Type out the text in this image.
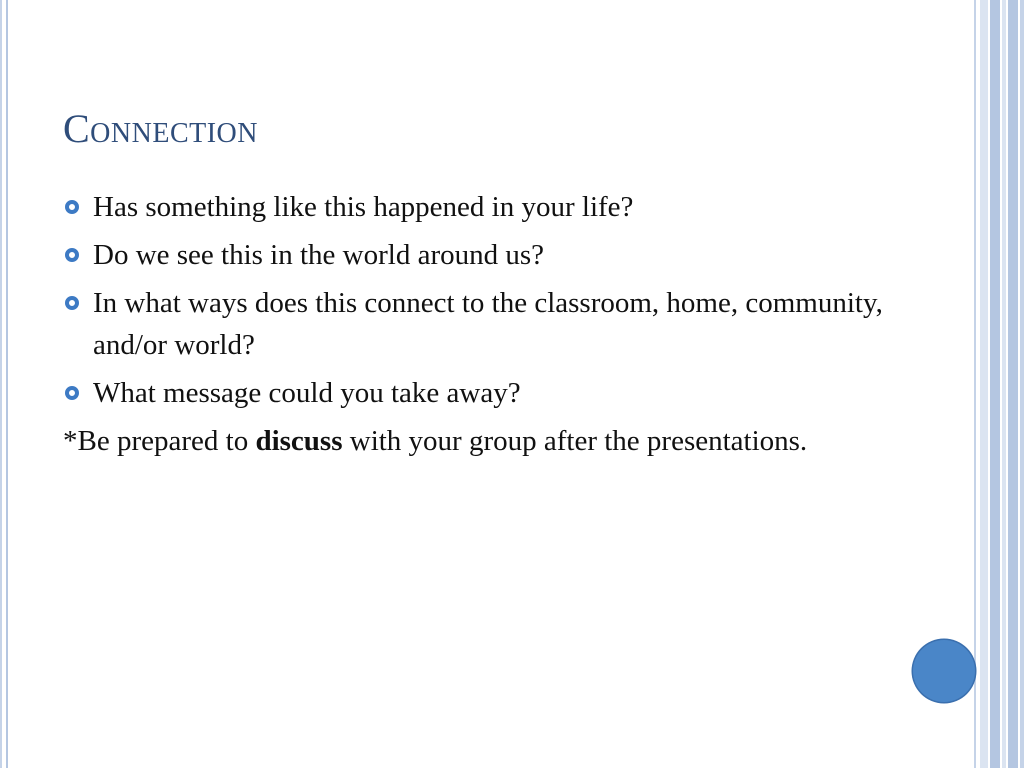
Connection
Has something like this happened in your life?
Do we see this in the world around us?
In what ways does this connect to the classroom, home, community, and/or world?
What message could you take away?
*Be prepared to discuss with your group after the presentations.
